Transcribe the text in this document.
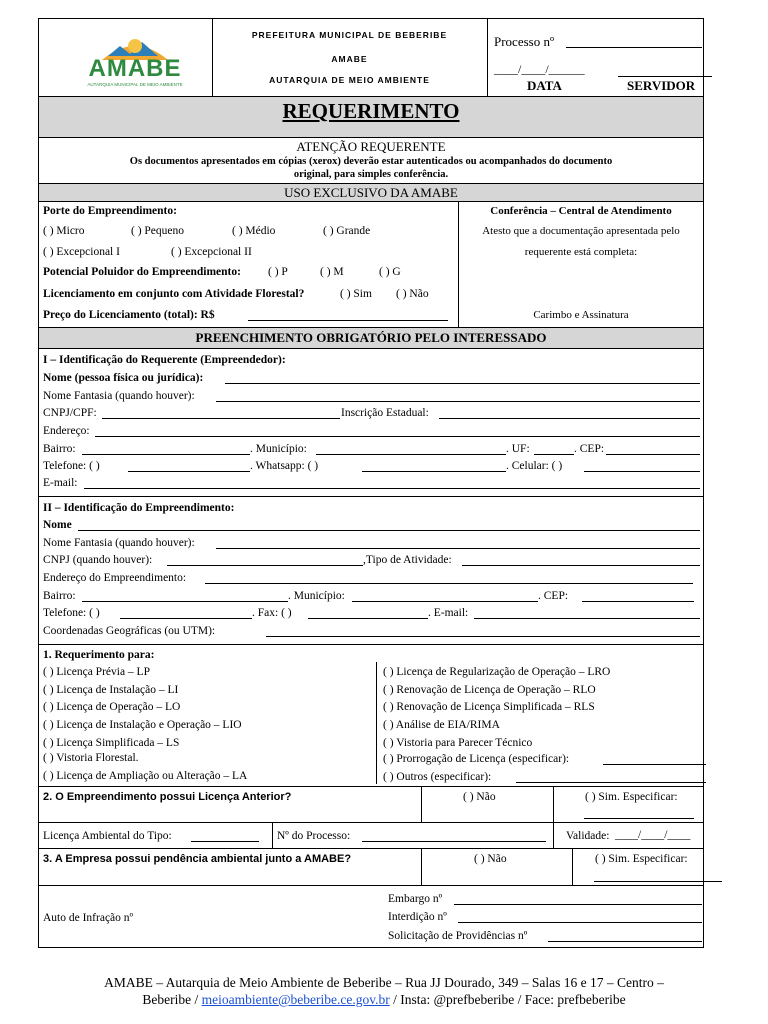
AMABE
AUTARQUIA MUNICIPAL DE MEIO AMBIENTE
PREFEITURA MUNICIPAL DE BEBERIBE
AMABE
AUTARQUIA DE MEIO AMBIENTE
Processo nº
____/____/______
DATA	SERVIDOR
REQUERIMENTO
ATENÇÃO REQUERENTE
Os documentos apresentados em cópias (xerox) deverão estar autenticados ou acompanhados do documento
original, para simples conferência.
USO EXCLUSIVO DA AMABE
Porte do Empreendimento:
( ) Micro	( ) Pequeno	( ) Médio	( ) Grande
( ) Excepcional I	( ) Excepcional II
Potencial Poluidor do Empreendimento: ( ) P	( ) M	( ) G
Licenciamento em conjunto com Atividade Florestal?	( ) Sim ( ) Não
Preço do Licenciamento (total): R$
Conferência – Central de Atendimento
Atesto que a documentação apresentada pelo
requerente está completa:
Carimbo e Assinatura
PREENCHIMENTO OBRIGATÓRIO PELO INTERESSADO
I – Identificação do Requerente (Empreendedor):
Nome (pessoa física ou jurídica):
Nome Fantasia (quando houver):
CNPJ/CPF:	Inscrição Estadual:
Endereço:
Bairro:	. Município:	. UF:	. CEP:
Telefone: ( )	. Whatsapp: ( )	. Celular: ( )
E-mail:
II – Identificação do Empreendimento:
Nome
Nome Fantasia (quando houver):
CNPJ (quando houver):	,Tipo de Atividade:
Endereço do Empreendimento:
Bairro:	. Município:	. CEP:
Telefone: ( )	. Fax: ( )	. E-mail:
Coordenadas Geográficas (ou UTM):
1. Requerimento para:
( ) Licença Prévia – LP
( ) Licença de Instalação – LI
( ) Licença de Operação – LO
( ) Licença de Instalação e Operação – LIO
( ) Licença Simplificada – LS
( ) Vistoria Florestal.
( ) Licença de Ampliação ou Alteração – LA
( ) Licença de Regularização de Operação – LRO
( ) Renovação de Licença de Operação – RLO
( ) Renovação de Licença Simplificada – RLS
( ) Análise de EIA/RIMA
( ) Vistoria para Parecer Técnico
( ) Prorrogação de Licença (especificar):
( ) Outros (especificar):
2. O Empreendimento possui Licença Anterior?	( ) Não	( ) Sim. Especificar:
Licença Ambiental do Tipo:	Nº do Processo:	Validade: ____/____/____
3. A Empresa possui pendência ambiental junto a AMABE?	( ) Não	( ) Sim. Especificar:
Auto de Infração nº
Embargo nº
Interdição nº
Solicitação de Providências nº
AMABE – Autarquia de Meio Ambiente de Beberibe – Rua JJ Dourado, 349 – Salas 16 e 17 – Centro –
Beberibe / meioambiente@beberibe.ce.gov.br / Insta: @prefbeberibe / Face: prefbeberibe
